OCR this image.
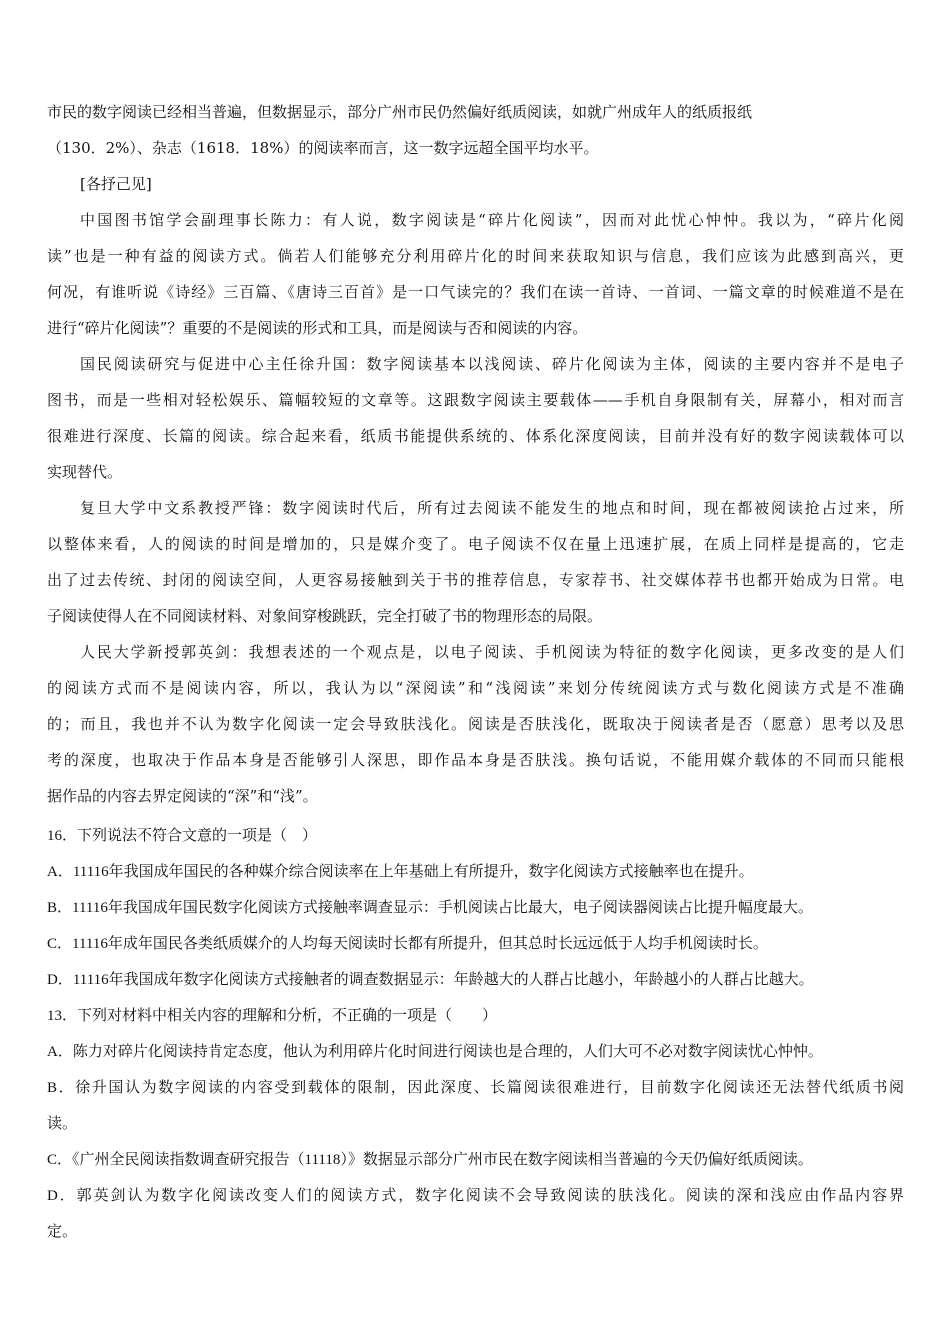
市民的数字阅读已经相当普遍，但数据显示，部分广州市民仍然偏好纸质阅读，如就广州成年人的纸质报纸
（130．2%）、杂志（1618．18%）的阅读率而言，这一数字远超全国平均水平。
[各抒己见]
中国图书馆学会副理事长陈力：有人说，数字阅读是“碎片化阅读”，因而对此忧心忡忡。我以为，“碎片化阅
读”也是一种有益的阅读方式。倘若人们能够充分利用碎片化的时间来获取知识与信息，我们应该为此感到高兴，更
何况，有谁听说《诗经》三百篇、《唐诗三百首》是一口气读完的？我们在读一首诗、一首词、一篇文章的时候难道不是在
进行“碎片化阅读”？重要的不是阅读的形式和工具，而是阅读与否和阅读的内容。
国民阅读研究与促进中心主任徐升国：数字阅读基本以浅阅读、碎片化阅读为主体，阅读的主要内容并不是电子
图书，而是一些相对轻松娱乐、篇幅较短的文章等。这跟数字阅读主要载体——手机自身限制有关，屏幕小，相对而言
很难进行深度、长篇的阅读。综合起来看，纸质书能提供系统的、体系化深度阅读，目前并没有好的数字阅读载体可以
实现替代。
复旦大学中文系教授严锋：数字阅读时代后，所有过去阅读不能发生的地点和时间，现在都被阅读抢占过来，所
以整体来看，人的阅读的时间是增加的，只是媒介变了。电子阅读不仅在量上迅速扩展，在质上同样是提高的，它走
出了过去传统、封闭的阅读空间，人更容易接触到关于书的推荐信息，专家荐书、社交媒体荐书也都开始成为日常。电
子阅读使得人在不同阅读材料、对象间穿梭跳跃，完全打破了书的物理形态的局限。
人民大学新授郭英剑：我想表述的一个观点是，以电子阅读、手机阅读为特征的数字化阅读，更多改变的是人们
的阅读方式而不是阅读内容，所以，我认为以“深阅读”和“浅阅读”来划分传统阅读方式与数化阅读方式是不准确
的；而且，我也并不认为数字化阅读一定会导致肤浅化。阅读是否肤浅化，既取决于阅读者是否（愿意）思考以及思
考的深度，也取决于作品本身是否能够引人深思，即作品本身是否肤浅。换句话说，不能用媒介载体的不同而只能根
据作品的内容去界定阅读的“深”和“浅”。
16．下列说法不符合文意的一项是（　）
A．11116年我国成年国民的各种媒介综合阅读率在上年基础上有所提升，数字化阅读方式接触率也在提升。
B．11116年我国成年国民数字化阅读方式接触率调查显示：手机阅读占比最大，电子阅读器阅读占比提升幅度最大。
C．11116年成年国民各类纸质媒介的人均每天阅读时长都有所提升，但其总时长远远低于人均手机阅读时长。
D．11116年我国成年数字化阅读方式接触者的调查数据显示：年龄越大的人群占比越小，年龄越小的人群占比越大。
13．下列对材料中相关内容的理解和分析，不正确的一项是（　　）
A．陈力对碎片化阅读持肯定态度，他认为利用碎片化时间进行阅读也是合理的，人们大可不必对数字阅读忧心忡忡。
B．徐升国认为数字阅读的内容受到载体的限制，因此深度、长篇阅读很难进行，目前数字化阅读还无法替代纸质书阅
读。
C．《广州全民阅读指数调查研究报告（11118）》数据显示部分广州市民在数字阅读相当普遍的今天仍偏好纸质阅读。
D．郭英剑认为数字化阅读改变人们的阅读方式，数字化阅读不会导致阅读的肤浅化。阅读的深和浅应由作品内容界
定。
